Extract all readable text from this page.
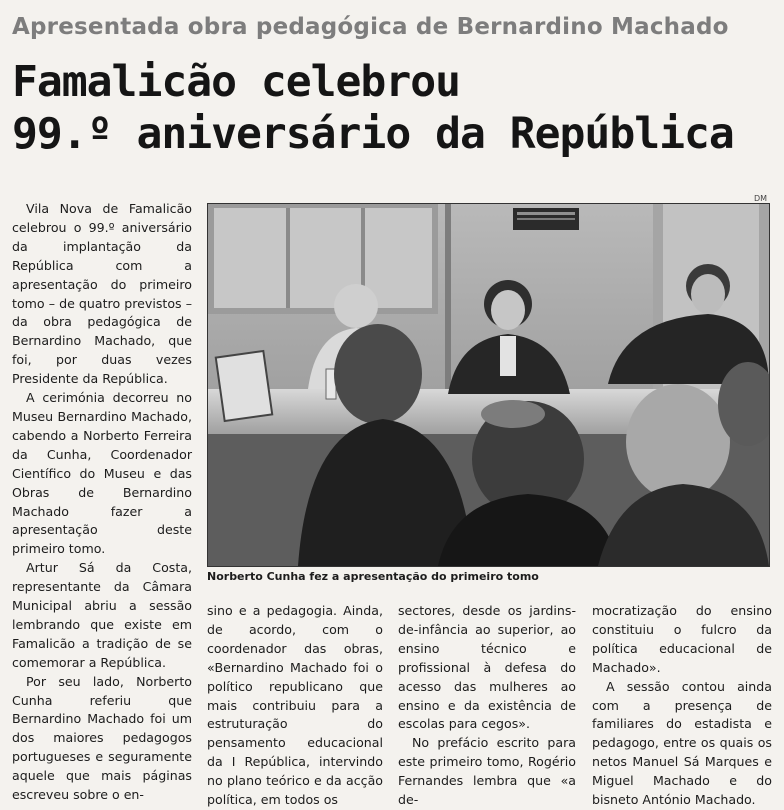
Apresentada obra pedagógica de Bernardino Machado
Famalicão celebrou
99.º aniversário da República
DM

Vila Nova de Famalicão celebrou o 99.º aniversário da implantação da República com a apresentação do primeiro tomo – de quatro previstos – da obra pedagógica de Bernardino Machado, que foi, por duas vezes Presidente da República.

A cerimónia decorreu no Museu Bernardino Machado, cabendo a Norberto Ferreira da Cunha, Coordenador Científico do Museu e das Obras de Bernardino Machado fazer a apresentação deste primeiro tomo.

Artur Sá da Costa, representante da Câmara Municipal abriu a sessão lembrando que existe em Famalicão a tradição de se comemorar a República.

Por seu lado, Norberto Cunha referiu que Bernardino Machado foi um dos maiores pedagogos portugueses e seguramente aquele que mais páginas escreveu sobre o en-

Norberto Cunha fez a apresentação do primeiro tomo

sino e a pedagogia. Ainda, de acordo, com o coordenador das obras, «Bernardino Machado foi o político republicano que mais contribuiu para a estruturação do pensamento educacional da I República, intervindo no plano teórico e da acção política, em todos os

sectores, desde os jardins-de-infância ao superior, ao ensino técnico e profissional à defesa do acesso das mulheres ao ensino e da existência de escolas para cegos».

No prefácio escrito para este primeiro tomo, Rogério Fernandes lembra que «a de-

mocratização do ensino constituiu o fulcro da política educacional de Machado».

A sessão contou ainda com a presença de familiares do estadista e pedagogo, entre os quais os netos Manuel Sá Marques e Miguel Machado e do bisneto António Machado.
